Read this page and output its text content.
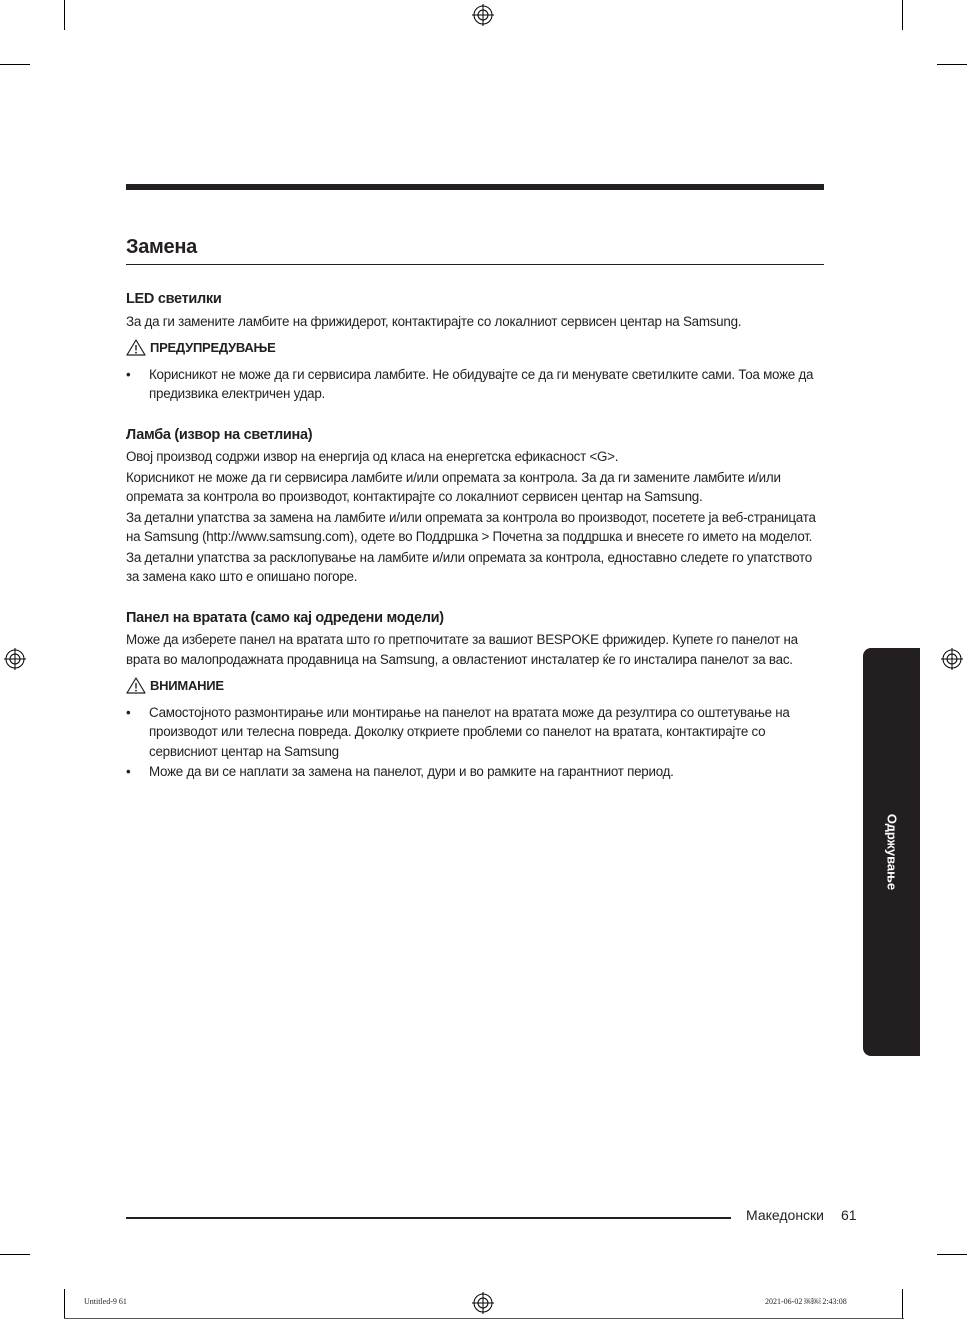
Замена
LED светилки

За да ги замените ламбите на фрижидерот, контактирајте со локалниот сервисен центар на Samsung.

ПРЕДУПРЕДУВАЊЕ
• Корисникот не може да ги сервисира ламбите. Не обидувајте се да ги менувате светилките сами. Тоа може да предизвика електричен удар.
Ламба (извор на светлина)

Овој производ содржи извор на енергија од класа на енергетска ефикасност <G>.

Корисникот не може да ги сервисира ламбите и/или опремата за контрола. За да ги замените ламбите и/или опремата за контрола во производот, контактирајте со локалниот сервисен центар на Samsung.

За детални упатства за замена на ламбите и/или опремата за контрола во производот, посетете ја веб-страницата на Samsung (http://www.samsung.com), одете во Поддршка > Почетна за поддршка и внесете го името на моделот.

За детални упатства за расклопување на ламбите и/или опремата за контрола, едноставно следете го упатството за замена како што е опишано погоре.

Панел на вратата (само кај одредени модели)

Може да изберете панел на вратата што го претпочитате за вашиот BESPOKE фрижидер. Купете го панелот на врата во малопродажната продавница на Samsung, а овластениот инсталатер ќе го инсталира панелот за вас.

ВНИМАНИЕ
• Самостојното размонтирање или монтирање на панелот на вратата може да резултира со оштетување на производот или телесна повреда. Доколку откриете проблеми со панелот на вратата, контактирајте со сервисниот центар на Samsung
• Може да ви се наплати за замена на панелот, дури и во рамките на гарантниот период.
Одржување
Македонски 61
Untitled-9 61	2021-06-02 ￼￼ 2:43:08
